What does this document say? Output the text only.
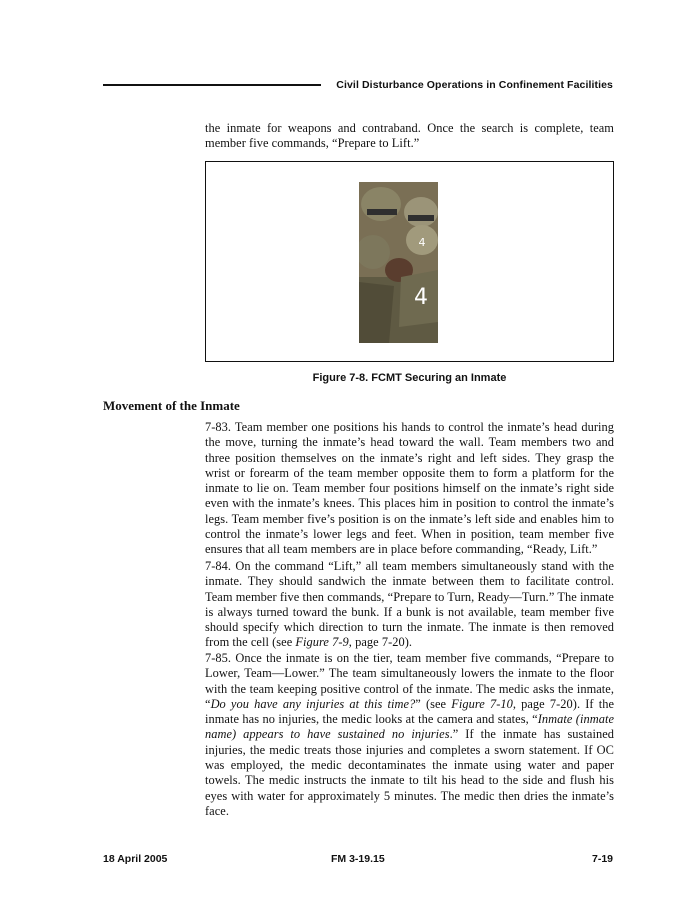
Civil Disturbance Operations in Confinement Facilities

the inmate for weapons and contraband. Once the search is complete, team member five commands, “Prepare to Lift.”

4
4
Figure 7-8. FCMT Securing an Inmate
Movement of the Inmate

7-83. Team member one positions his hands to control the inmate’s head during the move, turning the inmate’s head toward the wall. Team members two and three position themselves on the inmate’s right and left sides. They grasp the wrist or forearm of the team member opposite them to form a platform for the inmate to lie on. Team member four positions himself on the inmate’s right side even with the inmate’s knees. This places him in position to control the inmate’s legs. Team member five’s position is on the inmate’s left side and enables him to control the inmate’s lower legs and feet. When in position, team member five ensures that all team members are in place before commanding, “Ready, Lift.”

7-84. On the command “Lift,” all team members simultaneously stand with the inmate. They should sandwich the inmate between them to facilitate control. Team member five then commands, “Prepare to Turn, Ready—Turn.” The inmate is always turned toward the bunk. If a bunk is not available, team member five should specify which direction to turn the inmate. The inmate is then removed from the cell (see Figure 7-9, page 7-20).

7-85. Once the inmate is on the tier, team member five commands, “Prepare to Lower, Team—Lower.” The team simultaneously lowers the inmate to the floor with the team keeping positive control of the inmate. The medic asks the inmate, “Do you have any injuries at this time?” (see Figure 7-10, page 7-20). If the inmate has no injuries, the medic looks at the camera and states, “Inmate (inmate name) appears to have sustained no injuries.” If the inmate has sustained injuries, the medic treats those injuries and completes a sworn statement. If OC was employed, the medic decontaminates the inmate using water and paper towels. The medic instructs the inmate to tilt his head to the side and flush his eyes with water for approximately 5 minutes. The medic then dries the inmate’s face.

18 April 2005	FM 3-19.15	7-19
